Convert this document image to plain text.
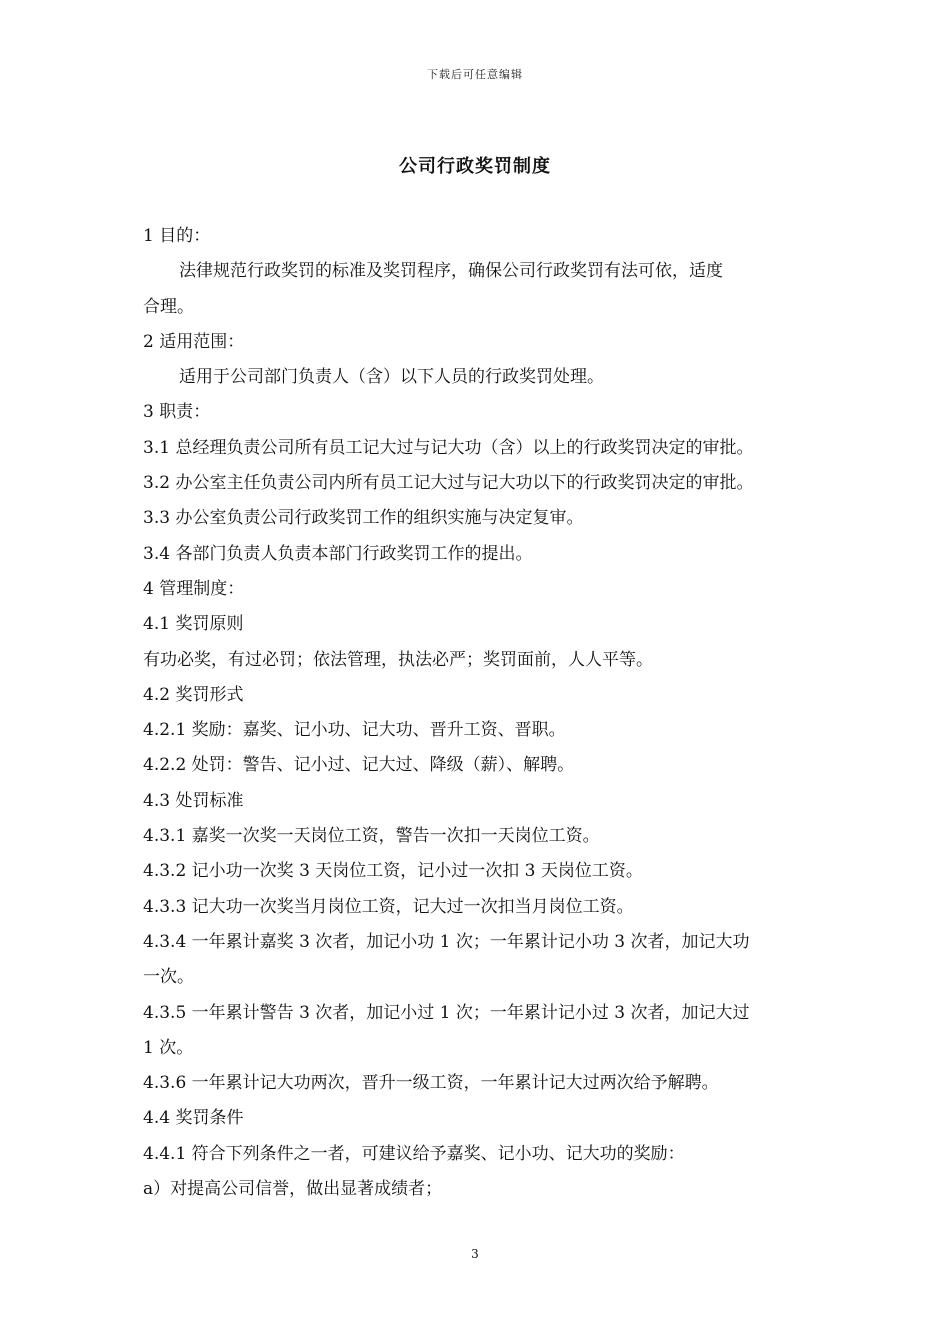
下载后可任意编辑
公司行政奖罚制度
1 目的：
法律规范行政奖罚的标准及奖罚程序，确保公司行政奖罚有法可依，适度
合理。
2 适用范围：
适用于公司部门负责人（含）以下人员的行政奖罚处理。
3 职责：
3.1 总经理负责公司所有员工记大过与记大功（含）以上的行政奖罚决定的审批。
3.2 办公室主任负责公司内所有员工记大过与记大功以下的行政奖罚决定的审批。
3.3 办公室负责公司行政奖罚工作的组织实施与决定复审。
3.4 各部门负责人负责本部门行政奖罚工作的提出。
4 管理制度：
4.1 奖罚原则
有功必奖，有过必罚；依法管理，执法必严；奖罚面前，人人平等。
4.2 奖罚形式
4.2.1 奖励：嘉奖、记小功、记大功、晋升工资、晋职。
4.2.2 处罚：警告、记小过、记大过、降级（薪）、解聘。
4.3 处罚标准
4.3.1 嘉奖一次奖一天岗位工资，警告一次扣一天岗位工资。
4.3.2 记小功一次奖 3 天岗位工资，记小过一次扣 3 天岗位工资。
4.3.3 记大功一次奖当月岗位工资，记大过一次扣当月岗位工资。
4.3.4 一年累计嘉奖 3 次者，加记小功 1 次；一年累计记小功 3 次者，加记大功
一次。
4.3.5 一年累计警告 3 次者，加记小过 1 次；一年累计记小过 3 次者，加记大过
1 次。
4.3.6 一年累计记大功两次，晋升一级工资，一年累计记大过两次给予解聘。
4.4 奖罚条件
4.4.1 符合下列条件之一者，可建议给予嘉奖、记小功、记大功的奖励：
a）对提高公司信誉，做出显著成绩者；
3
